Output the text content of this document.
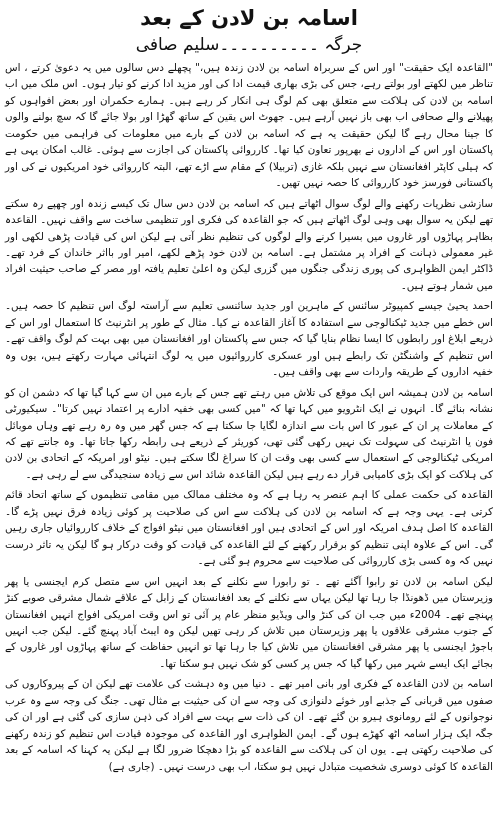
اسامہ بن لادن کے بعد
جرگہ ۔۔۔۔۔۔۔۔۔۔سلیم صافی

"القاعدہ ایک حقیقت" اور اس کے سربراہ اسامہ بن لادن زندہ ہیں،" پچھلے دس سالوں میں یہ دعویٰ کرتے ، اس تناظر میں لکھتے اور بولتے رہے، جس کی بڑی بھاری قیمت ادا کی اور مزید ادا کرنے کو تیار ہوں۔ اس ملک میں اب اسامہ بن لادن کی ہلاکت سے متعلق بھی کم لوگ ہی انکار کر رہے ہیں۔ ہمارے حکمران اور بعض افواہوں کو پھیلانے والے صحافی اب بھی باز نہیں آرہے ہیں۔ جھوٹ اس یقین کے ساتھ گھڑا اور بولا جائے گا کہ سچ بولنے والوں کا جینا محال رہے گا لیکن حقیقت یہ ہے کہ اسامہ بن لادن کے بارے میں معلومات کی فراہمی میں حکومت پاکستان اور اس کے اداروں نے بھرپور تعاون کیا تھا۔ کارروائی پاکستان کی اجازت سے ہوئی۔ غالب امکان یہی ہے کہ ہیلی کاپٹر افغانستان سے نہیں بلکہ غازی (تربیلا) کے مقام سے اڑے تھے، البتہ کارروائی خود امریکیوں نے کی اور پاکستانی فورسز خود کارروائی کا حصہ نہیں تھیں۔

سازشی نظریات رکھنے والے لوگ سوال اٹھاتے ہیں کہ اسامہ بن لادن دس سال تک کیسے زندہ اور چھپے رہ سکتے تھے لیکن یہ سوال بھی وہی لوگ اٹھاتے ہیں کہ جو القاعدہ کی فکری اور تنظیمی ساخت سے واقف نہیں۔ القاعدہ بظاہر پہاڑوں اور غاروں میں بسیرا کرنے والے لوگوں کی تنظیم نظر آتی ہے لیکن اس کی قیادت پڑھی لکھی اور غیر معمولی ذہانت کے افراد پر مشتمل ہے۔ اسامہ بن لادن خود پڑھے لکھے، امیر اور بااثر خاندان کے فرد تھے۔ ڈاکٹر ایمن الظواہری کی پوری زندگی جنگوں میں گزری لیکن وہ اعلیٰ تعلیم یافتہ اور مصر کے صاحب حیثیت افراد میں شمار ہوتے ہیں۔

احمد یحییٰ جیسے کمپیوٹر سائنس کے ماہرین اور جدید سائنسی تعلیم سے آراستہ لوگ اس تنظیم کا حصہ ہیں۔ اس خطے میں جدید ٹیکنالوجی سے استفادہ کا آغاز القاعدہ نے کیا۔ مثال کے طور پر انٹرنیٹ کا استعمال اور اس کے ذریعے ابلاغ اور رابطوں کا ایسا نظام بنایا گیا کہ جس سے پاکستان اور افغانستان میں بھی بہت کم لوگ واقف تھے۔ اس تنظیم کے واشنگٹن تک رابطے ہیں اور عسکری کارروائیوں میں یہ لوگ انتہائی مہارت رکھتے ہیں، یوں وہ خفیہ اداروں کے طریقہ واردات سے بھی واقف ہیں۔

اسامہ بن لادن ہمیشہ اس ایک موقع کی تلاش میں رہتے تھے جس کے بارے میں ان سے کہا گیا تھا کہ دشمن ان کو نشانہ بنائے گا۔ انہوں نے ایک انٹرویو میں کہا تھا کہ "میں کسی بھی خفیہ ادارے پر اعتماد نہیں کرتا"۔ سیکیورٹی کے معاملات پر ان کے عبور کا اس بات سے اندازہ لگایا جا سکتا ہے کہ جس گھر میں وہ رہ رہے تھے وہاں موبائل فون یا انٹرنیٹ کی سہولت تک نہیں رکھی گئی تھی، کوریئر کے ذریعے ہی رابطہ رکھا جاتا تھا۔ وہ جانتے تھے کہ امریکی ٹیکنالوجی کے استعمال سے کسی بھی وقت ان کا سراغ لگا سکتے ہیں۔ نیٹو اور امریکہ کے اتحادی بن لادن کی ہلاکت کو ایک بڑی کامیابی قرار دے رہے ہیں لیکن القاعدہ شائد اس سے زیادہ سنجیدگی سے لے رہی ہے۔

القاعدہ کی حکمت عملی کا اہم عنصر یہ رہا ہے کہ وہ مختلف ممالک میں مقامی تنظیموں کے ساتھ اتحاد قائم کرتی ہے۔ یہی وجہ ہے کہ اسامہ بن لادن کی ہلاکت سے اس کی صلاحیت پر کوئی زیادہ فرق نہیں پڑے گا۔ القاعدہ کا اصل ہدف امریکہ اور اس کے اتحادی ہیں اور افغانستان میں نیٹو افواج کے خلاف کارروائیاں جاری رہیں گی۔ اس کے علاوہ اپنی تنظیم کو برقرار رکھنے کے لئے القاعدہ کی قیادت کو وقت درکار ہو گا لیکن یہ تاثر درست نہیں کہ وہ کسی بڑی کارروائی کی صلاحیت سے محروم ہو گئی ہے۔

لیکن اسامہ بن لادن تو رابوا آگئے تھے ۔ تو رابورا سے نکلنے کے بعد انہیں اس سے متصل کرم ایجنسی یا پھر وزیرستان میں ڈھونڈا جا رہا تھا لیکن یہاں سے نکلنے کے بعد افغانستان کے زابل کے علاقے شمال مشرقی صوبے کنڑ پہنچے تھے۔ 2004ء میں جب ان کی کنڑ والی ویڈیو منظر عام پر آئی تو اس وقت امریکی افواج انہیں افغانستان کے جنوب مشرقی علاقوں یا پھر وزیرستان میں تلاش کر رہی تھیں لیکن وہ ایبٹ آباد پہنچ گئے۔ لیکن جب انہیں باجوڑ ایجنسی یا پھر مشرقی افغانستان میں تلاش کیا جا رہا تھا تو انہیں حفاظت کے ساتھ پہاڑوں اور غاروں کے بجائے ایک ایسے شہر میں رکھا گیا کہ جس پر کسی کو شک نہیں ہو سکتا تھا۔

اسامہ بن لادن القاعدہ کے فکری اور بانی امیر تھے ۔ دنیا میں وہ دہشت کی علامت تھے لیکن ان کے پیروکاروں کی صفوں میں قربانی کے جذبے اور خوئے دلنوازی کی وجہ سے ان کی حیثیت بے مثال تھی۔ جنگ کی وجہ سے وہ عرب نوجوانوں کے لئے رومانوی ہیرو بن گئے تھے۔ ان کی ذات سے بہت سے افراد کی ذہن سازی کی گئی ہے اور ان کی جگہ ایک ہزار اسامہ اٹھ کھڑے ہوں گے۔ ایمن الظواہری اور القاعدہ کی موجودہ قیادت اس تنظیم کو زندہ رکھنے کی صلاحیت رکھتی ہے۔ یوں ان کی ہلاکت سے القاعدہ کو بڑا دھچکا ضرور لگا ہے لیکن یہ کہنا کہ اسامہ کے بعد القاعدہ کا کوئی دوسری شخصیت متبادل نہیں ہو سکتا، اب بھی درست نہیں۔ (جاری ہے)
